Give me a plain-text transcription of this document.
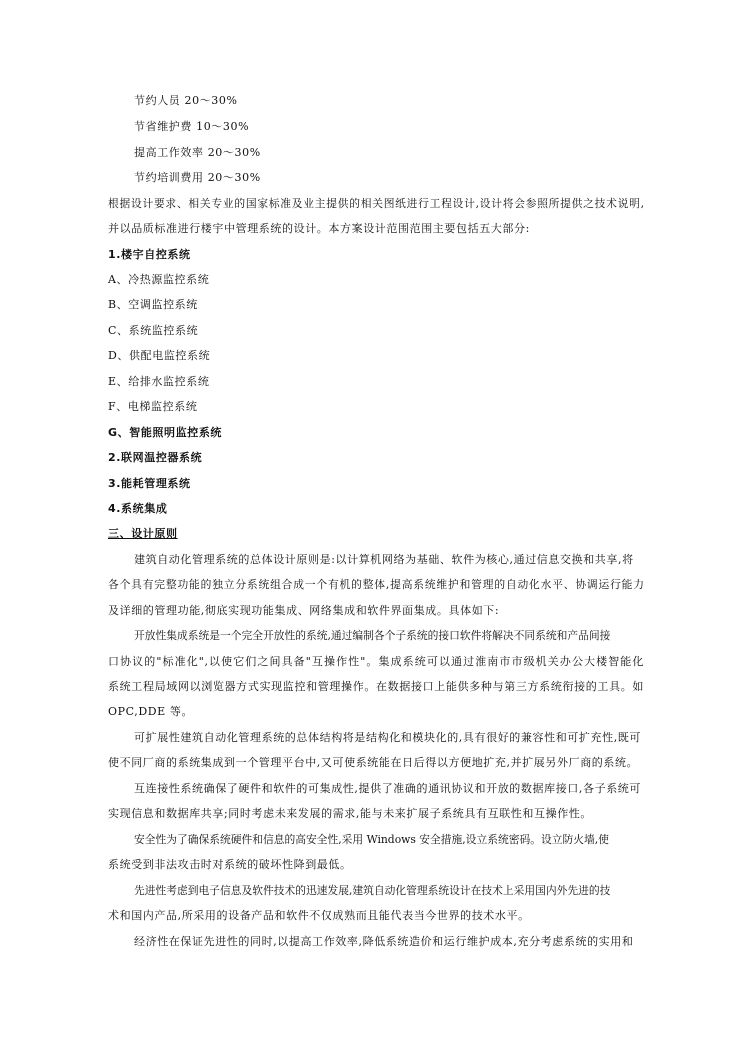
节约人员 20～30%
节省维护费 10～30%
提高工作效率 20～30%
节约培训费用 20～30%
根据设计要求、相关专业的国家标准及业主提供的相关图纸进行工程设计,设计将会参照所提供之技术说明,
并以品质标准进行楼宇中管理系统的设计。本方案设计范围范围主要包括五大部分:
1.楼宇自控系统
A、冷热源监控系统
B、空调监控系统
C、系统监控系统
D、供配电监控系统
E、给排水监控系统
F、电梯监控系统
G、智能照明监控系统
2.联网温控器系统
3.能耗管理系统
4.系统集成
三、设计原则
建筑自动化管理系统的总体设计原则是:以计算机网络为基础、软件为核心,通过信息交换和共享,将
各个具有完整功能的独立分系统组合成一个有机的整体,提高系统维护和管理的自动化水平、协调运行能力
及详细的管理功能,彻底实现功能集成、网络集成和软件界面集成。具体如下:
开放性集成系统是一个完全开放性的系统,通过编制各个子系统的接口软件将解决不同系统和产品间接
口协议的"标准化",以使它们之间具备"互操作性"。集成系统可以通过淮南市市级机关办公大楼智能化
系统工程局域网以浏览器方式实现监控和管理操作。在数据接口上能供多种与第三方系统衔接的工具。如
OPC,DDE 等。
可扩展性建筑自动化管理系统的总体结构将是结构化和模块化的,具有很好的兼容性和可扩充性,既可
使不同厂商的系统集成到一个管理平台中,又可使系统能在日后得以方便地扩充,并扩展另外厂商的系统。
互连接性系统确保了硬件和软件的可集成性,提供了准确的通讯协议和开放的数据库接口,各子系统可
实现信息和数据库共享;同时考虑未来发展的需求,能与未来扩展子系统具有互联性和互操作性。
安全性为了确保系统硬件和信息的高安全性,采用 Windows 安全措施,设立系统密码。设立防火墙,使
系统受到非法攻击时对系统的破坏性降到最低。
先进性考虑到电子信息及软件技术的迅速发展,建筑自动化管理系统设计在技术上采用国内外先进的技
术和国内产品,所采用的设备产品和软件不仅成熟而且能代表当今世界的技术水平。
经济性在保证先进性的同时,以提高工作效率,降低系统造价和运行维护成本,充分考虑系统的实用和
